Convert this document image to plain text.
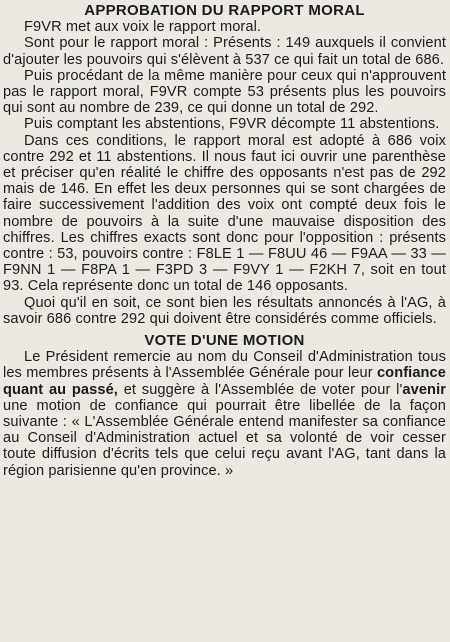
APPROBATION DU RAPPORT MORAL

F9VR met aux voix le rapport moral.

Sont pour le rapport moral : Présents : 149 auxquels il convient d'ajouter les pouvoirs qui s'élèvent à 537 ce qui fait un total de 686.

Puis procédant de la même manière pour ceux qui n'approuvent pas le rapport moral, F9VR compte 53 présents plus les pouvoirs qui sont au nombre de 239, ce qui donne un total de 292.

Puis comptant les abstentions, F9VR décompte 11 abstentions.

Dans ces conditions, le rapport moral est adopté à 686 voix contre 292 et 11 abstentions. Il nous faut ici ouvrir une parenthèse et préciser qu'en réalité le chiffre des opposants n'est pas de 292 mais de 146. En effet les deux personnes qui se sont chargées de faire successivement l'addition des voix ont compté deux fois le nombre de pouvoirs à la suite d'une mauvaise disposition des chiffres. Les chiffres exacts sont donc pour l'opposition : présents contre : 53, pouvoirs contre : F8LE 1 — F8UU 46 — F9AA — 33 — F9NN 1 — F8PA 1 — F3PD 3 — F9VY 1 — F2KH 7, soit en tout 93. Cela représente donc un total de 146 opposants.

Quoi qu'il en soit, ce sont bien les résultats annoncés à l'AG, à savoir 686 contre 292 qui doivent être considérés comme officiels.

VOTE D'UNE MOTION

Le Président remercie au nom du Conseil d'Administration tous les membres présents à l'Assemblée Générale pour leur confiance quant au passé, et suggère à l'Assemblée de voter pour l'avenir une motion de confiance qui pourrait être libellée de la façon suivante : « L'Assemblée Générale entend manifester sa confiance au Conseil d'Administration actuel et sa volonté de voir cesser toute diffusion d'écrits tels que celui reçu avant l'AG, tant dans la région parisienne qu'en province. »
